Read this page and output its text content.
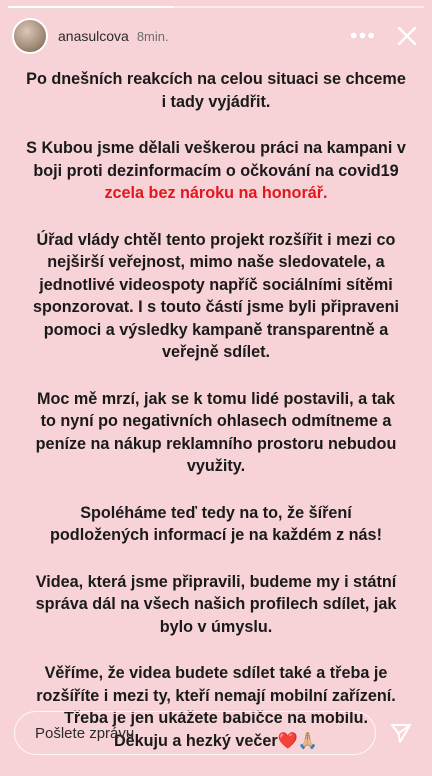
anasulcova 8min.	•••
Po dnešních reakcích na celou situaci se chceme
i tady vyjádřit.
S Kubou jsme dělali veškerou práci na kampani v
boji proti dezinformacím o očkování na covid19
zcela bez nároku na honorář.
Úřad vlády chtěl tento projekt rozšířit i mezi co
nejširší veřejnost, mimo naše sledovatele, a
jednotlivé videospoty napříč sociálními sítěmi
sponzorovat. I s touto částí jsme byli připraveni
pomoci a výsledky kampaně transparentně a
veřejně sdílet.
Moc mě mrzí, jak se k tomu lidé postavili, a tak
to nyní po negativních ohlasech odmítneme a
peníze na nákup reklamního prostoru nebudou
využity.
Spoléháme teď tedy na to, že šíření
podložených informací je na každém z nás!
Videa, která jsme připravili, budeme my i státní
správa dál na všech našich profilech sdílet, jak
bylo v úmyslu.
Věříme, že videa budete sdílet také a třeba je
rozšíříte i mezi ty, kteří nemají mobilní zařízení.
Třeba je jen ukážete babičce na mobilu.
Děkuju a hezký večer❤️🙏🏼
Pošlete zprávu
